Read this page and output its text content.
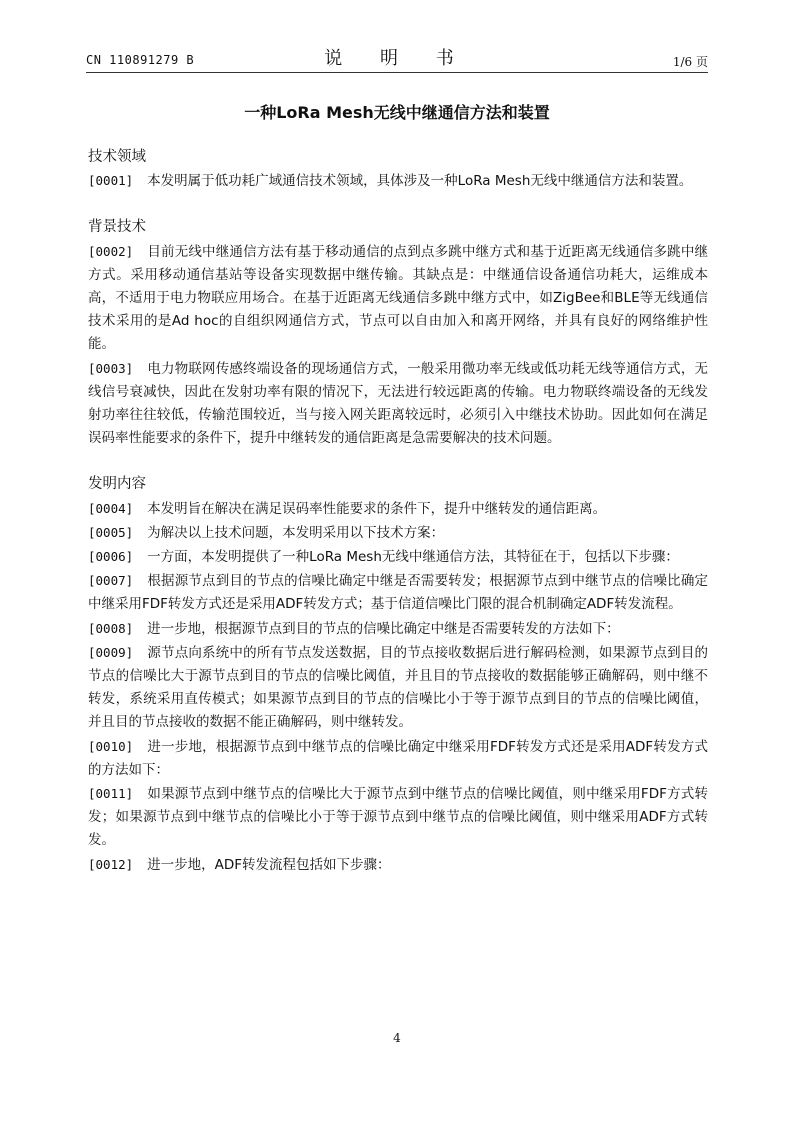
CN 110891279 B	说 明 书	1/6 页
一种LoRa Mesh无线中继通信方法和装置
技术领域

[0001] 本发明属于低功耗广域通信技术领域，具体涉及一种LoRa Mesh无线中继通信方法和装置。

背景技术

[0002] 目前无线中继通信方法有基于移动通信的点到点多跳中继方式和基于近距离无线通信多跳中继方式。采用移动通信基站等设备实现数据中继传输。其缺点是：中继通信设备通信功耗大，运维成本高，不适用于电力物联应用场合。在基于近距离无线通信多跳中继方式中，如ZigBee和BLE等无线通信技术采用的是Ad hoc的自组织网通信方式，节点可以自由加入和离开网络，并具有良好的网络维护性能。

[0003] 电力物联网传感终端设备的现场通信方式，一般采用微功率无线或低功耗无线等通信方式，无线信号衰减快，因此在发射功率有限的情况下，无法进行较远距离的传输。电力物联终端设备的无线发射功率往往较低，传输范围较近，当与接入网关距离较远时，必须引入中继技术协助。因此如何在满足误码率性能要求的条件下，提升中继转发的通信距离是急需要解决的技术问题。

发明内容

[0004] 本发明旨在解决在满足误码率性能要求的条件下，提升中继转发的通信距离。

[0005] 为解决以上技术问题，本发明采用以下技术方案：

[0006] 一方面，本发明提供了一种LoRa Mesh无线中继通信方法，其特征在于，包括以下步骤：

[0007] 根据源节点到目的节点的信噪比确定中继是否需要转发；根据源节点到中继节点的信噪比确定中继采用FDF转发方式还是采用ADF转发方式；基于信道信噪比门限的混合机制确定ADF转发流程。

[0008] 进一步地，根据源节点到目的节点的信噪比确定中继是否需要转发的方法如下：

[0009] 源节点向系统中的所有节点发送数据，目的节点接收数据后进行解码检测，如果源节点到目的节点的信噪比大于源节点到目的节点的信噪比阈值，并且目的节点接收的数据能够正确解码，则中继不转发，系统采用直传模式；如果源节点到目的节点的信噪比小于等于源节点到目的节点的信噪比阈值，并且目的节点接收的数据不能正确解码，则中继转发。

[0010] 进一步地，根据源节点到中继节点的信噪比确定中继采用FDF转发方式还是采用ADF转发方式的方法如下：

[0011] 如果源节点到中继节点的信噪比大于源节点到中继节点的信噪比阈值，则中继采用FDF方式转发；如果源节点到中继节点的信噪比小于等于源节点到中继节点的信噪比阈值，则中继采用ADF方式转发。

[0012] 进一步地，ADF转发流程包括如下步骤：

4
